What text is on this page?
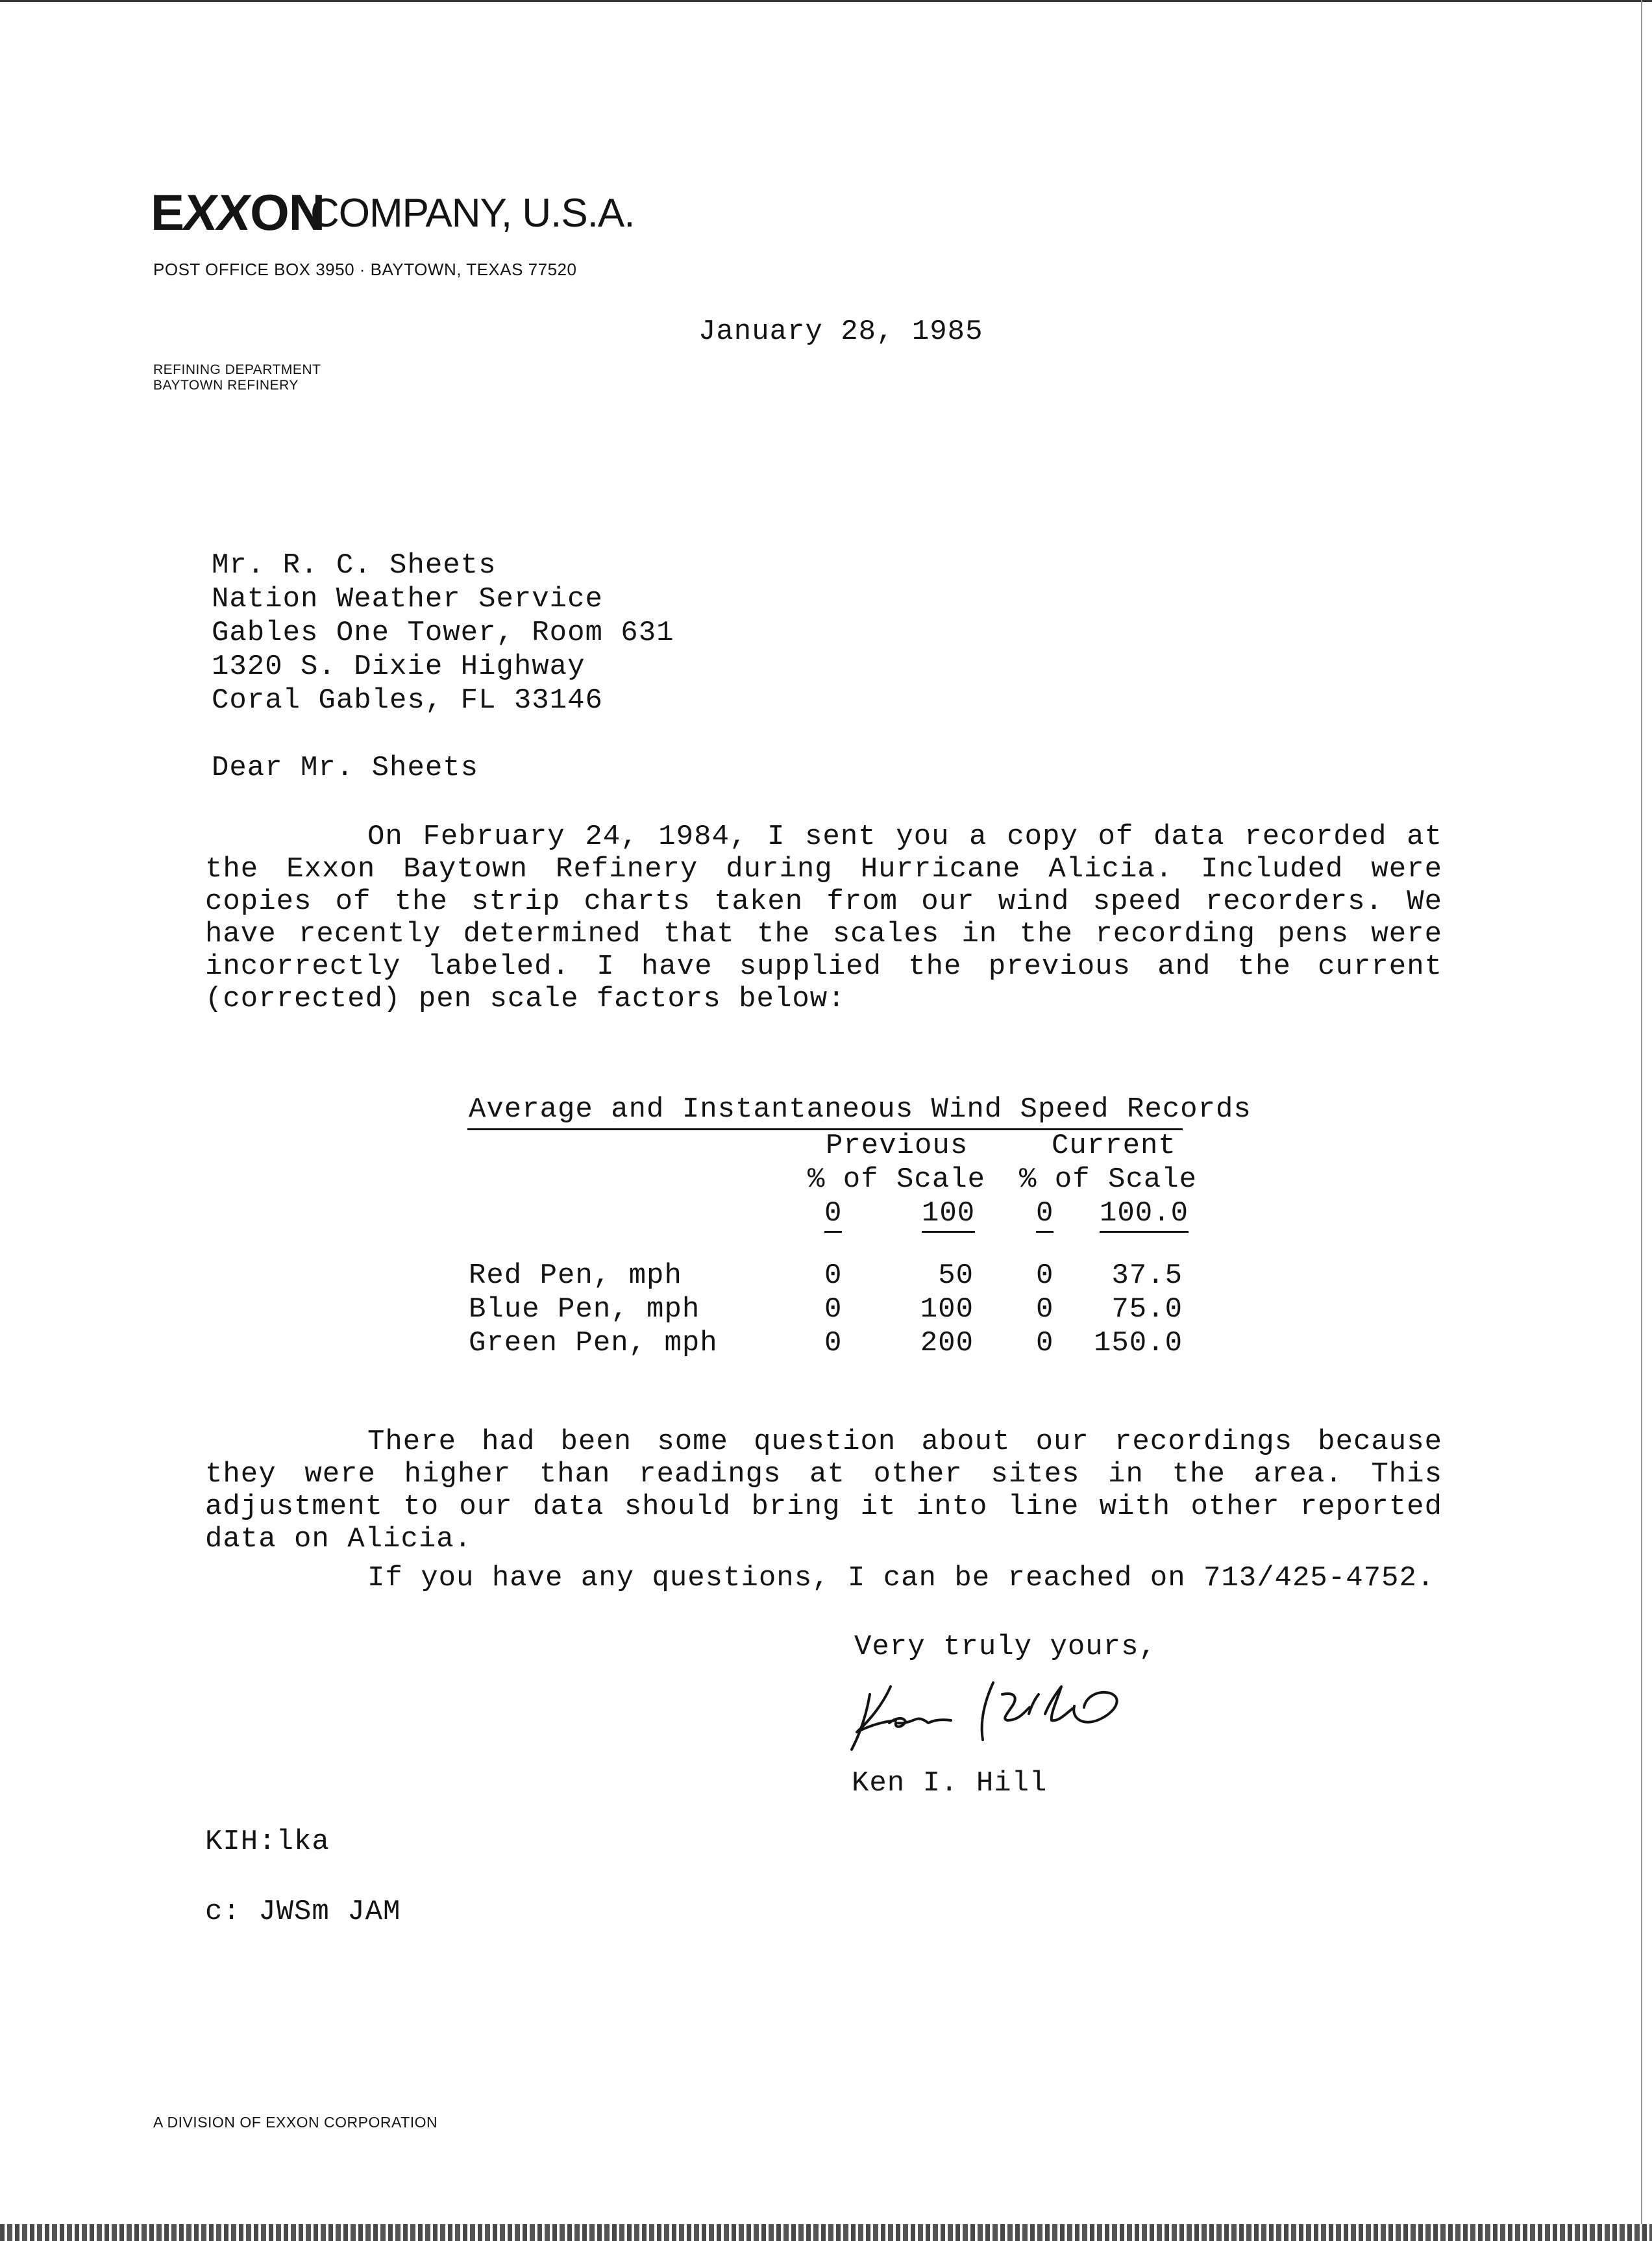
EXXON
COMPANY, U.S.A.
POST OFFICE BOX 3950 · BAYTOWN, TEXAS 77520
REFINING DEPARTMENT
BAYTOWN REFINERY
January 28, 1985
Mr. R. C. Sheets
Nation Weather Service
Gables One Tower, Room 631
1320 S. Dixie Highway
Coral Gables, FL 33146
Dear Mr. Sheets

On February 24, 1984, I sent you a copy of data recorded at the Exxon Baytown Refinery during Hurricane Alicia. Included were copies of the strip charts taken from our wind speed recorders. We have recently determined that the scales in the recording pens were incorrectly labeled. I have supplied the previous and the current (corrected) pen scale factors below:

Average and Instantaneous Wind Speed Records
Previous	Current
% of Scale % of Scale
0	100 0 100.0
Red Pen, mph	0	50 0	37.5
Blue Pen, mph	0	100 0	75.0
Green Pen, mph	0	200 0	150.0

There had been some question about our recordings because they were higher than readings at other sites in the area. This adjustment to our data should bring it into line with other reported data on Alicia.

If you have any questions, I can be reached on 713/425-4752.

Very truly yours,
Ken I. Hill
KIH:lka
c: JWSm JAM
A DIVISION OF EXXON CORPORATION
